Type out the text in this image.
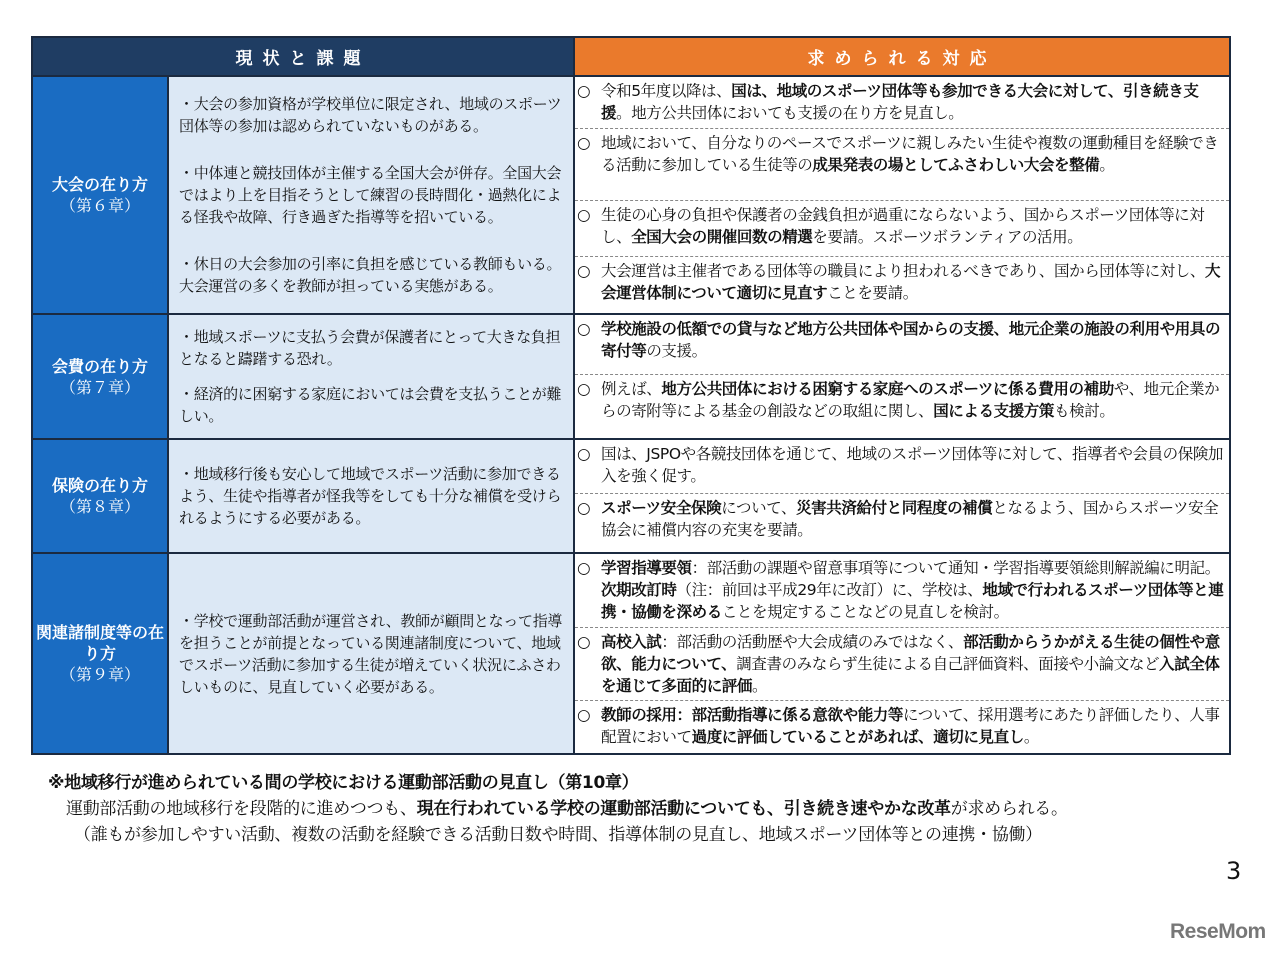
現状と課題	求められる対応
大会の在り方
（第６章）
・大会の参加資格が学校単位に限定され、地域のスポーツ団体等の参加は認められていないものがある。
・中体連と競技団体が主催する全国大会が併存。全国大会ではより上を目指そうとして練習の長時間化・過熱化による怪我や故障、行き過ぎた指導等を招いている。
・休日の大会参加の引率に負担を感じている教師もいる。大会運営の多くを教師が担っている実態がある。
○ 令和5年度以降は、国は、地域のスポーツ団体等も参加できる大会に対して、引き続き支援。地方公共団体においても支援の在り方を見直し。
○ 地域において、自分なりのペースでスポーツに親しみたい生徒や複数の運動種目を経験できる活動に参加している生徒等の成果発表の場としてふさわしい大会を整備。
○ 生徒の心身の負担や保護者の金銭負担が過重にならないよう、国からスポーツ団体等に対し、全国大会の開催回数の精選を要請。スポーツボランティアの活用。
○ 大会運営は主催者である団体等の職員により担われるべきであり、国から団体等に対し、大会運営体制について適切に見直すことを要請。
会費の在り方
（第７章）
・地域スポーツに支払う会費が保護者にとって大きな負担となると躊躇する恐れ。
・経済的に困窮する家庭においては会費を支払うことが難しい。
○ 学校施設の低額での貸与など地方公共団体や国からの支援、地元企業の施設の利用や用具の寄付等の支援。
○ 例えば、地方公共団体における困窮する家庭へのスポーツに係る費用の補助や、地元企業からの寄附等による基金の創設などの取組に関し、国による支援方策も検討。
保険の在り方
（第８章）
・地域移行後も安心して地域でスポーツ活動に参加できるよう、生徒や指導者が怪我等をしても十分な補償を受けられるようにする必要がある。
○ 国は、JSPOや各競技団体を通じて、地域のスポーツ団体等に対して、指導者や会員の保険加入を強く促す。
○ スポーツ安全保険について、災害共済給付と同程度の補償となるよう、国からスポーツ安全協会に補償内容の充実を要請。
関連諸制度等の在り方
（第９章）
・学校で運動部活動が運営され、教師が顧問となって指導を担うことが前提となっている関連諸制度について、地域でスポーツ活動に参加する生徒が増えていく状況にふさわしいものに、見直していく必要がある。
○ 学習指導要領：部活動の課題や留意事項等について通知・学習指導要領総則解説編に明記。次期改訂時（注：前回は平成29年に改訂）に、学校は、地域で行われるスポーツ団体等と連携・協働を深めることを規定することなどの見直しを検討。
○ 高校入試：部活動の活動歴や大会成績のみではなく、部活動からうかがえる生徒の個性や意欲、能力について、調査書のみならず生徒による自己評価資料、面接や小論文など入試全体を通じて多面的に評価。
○ 教師の採用：部活動指導に係る意欲や能力等について、採用選考にあたり評価したり、人事配置において過度に評価していることがあれば、適切に見直し。
※地域移行が進められている間の学校における運動部活動の見直し（第10章）
運動部活動の地域移行を段階的に進めつつも、現在行われている学校の運動部活動についても、引き続き速やかな改革が求められる。
（誰もが参加しやすい活動、複数の活動を経験できる活動日数や時間、指導体制の見直し、地域スポーツ団体等との連携・協働）
3
ReseMom
